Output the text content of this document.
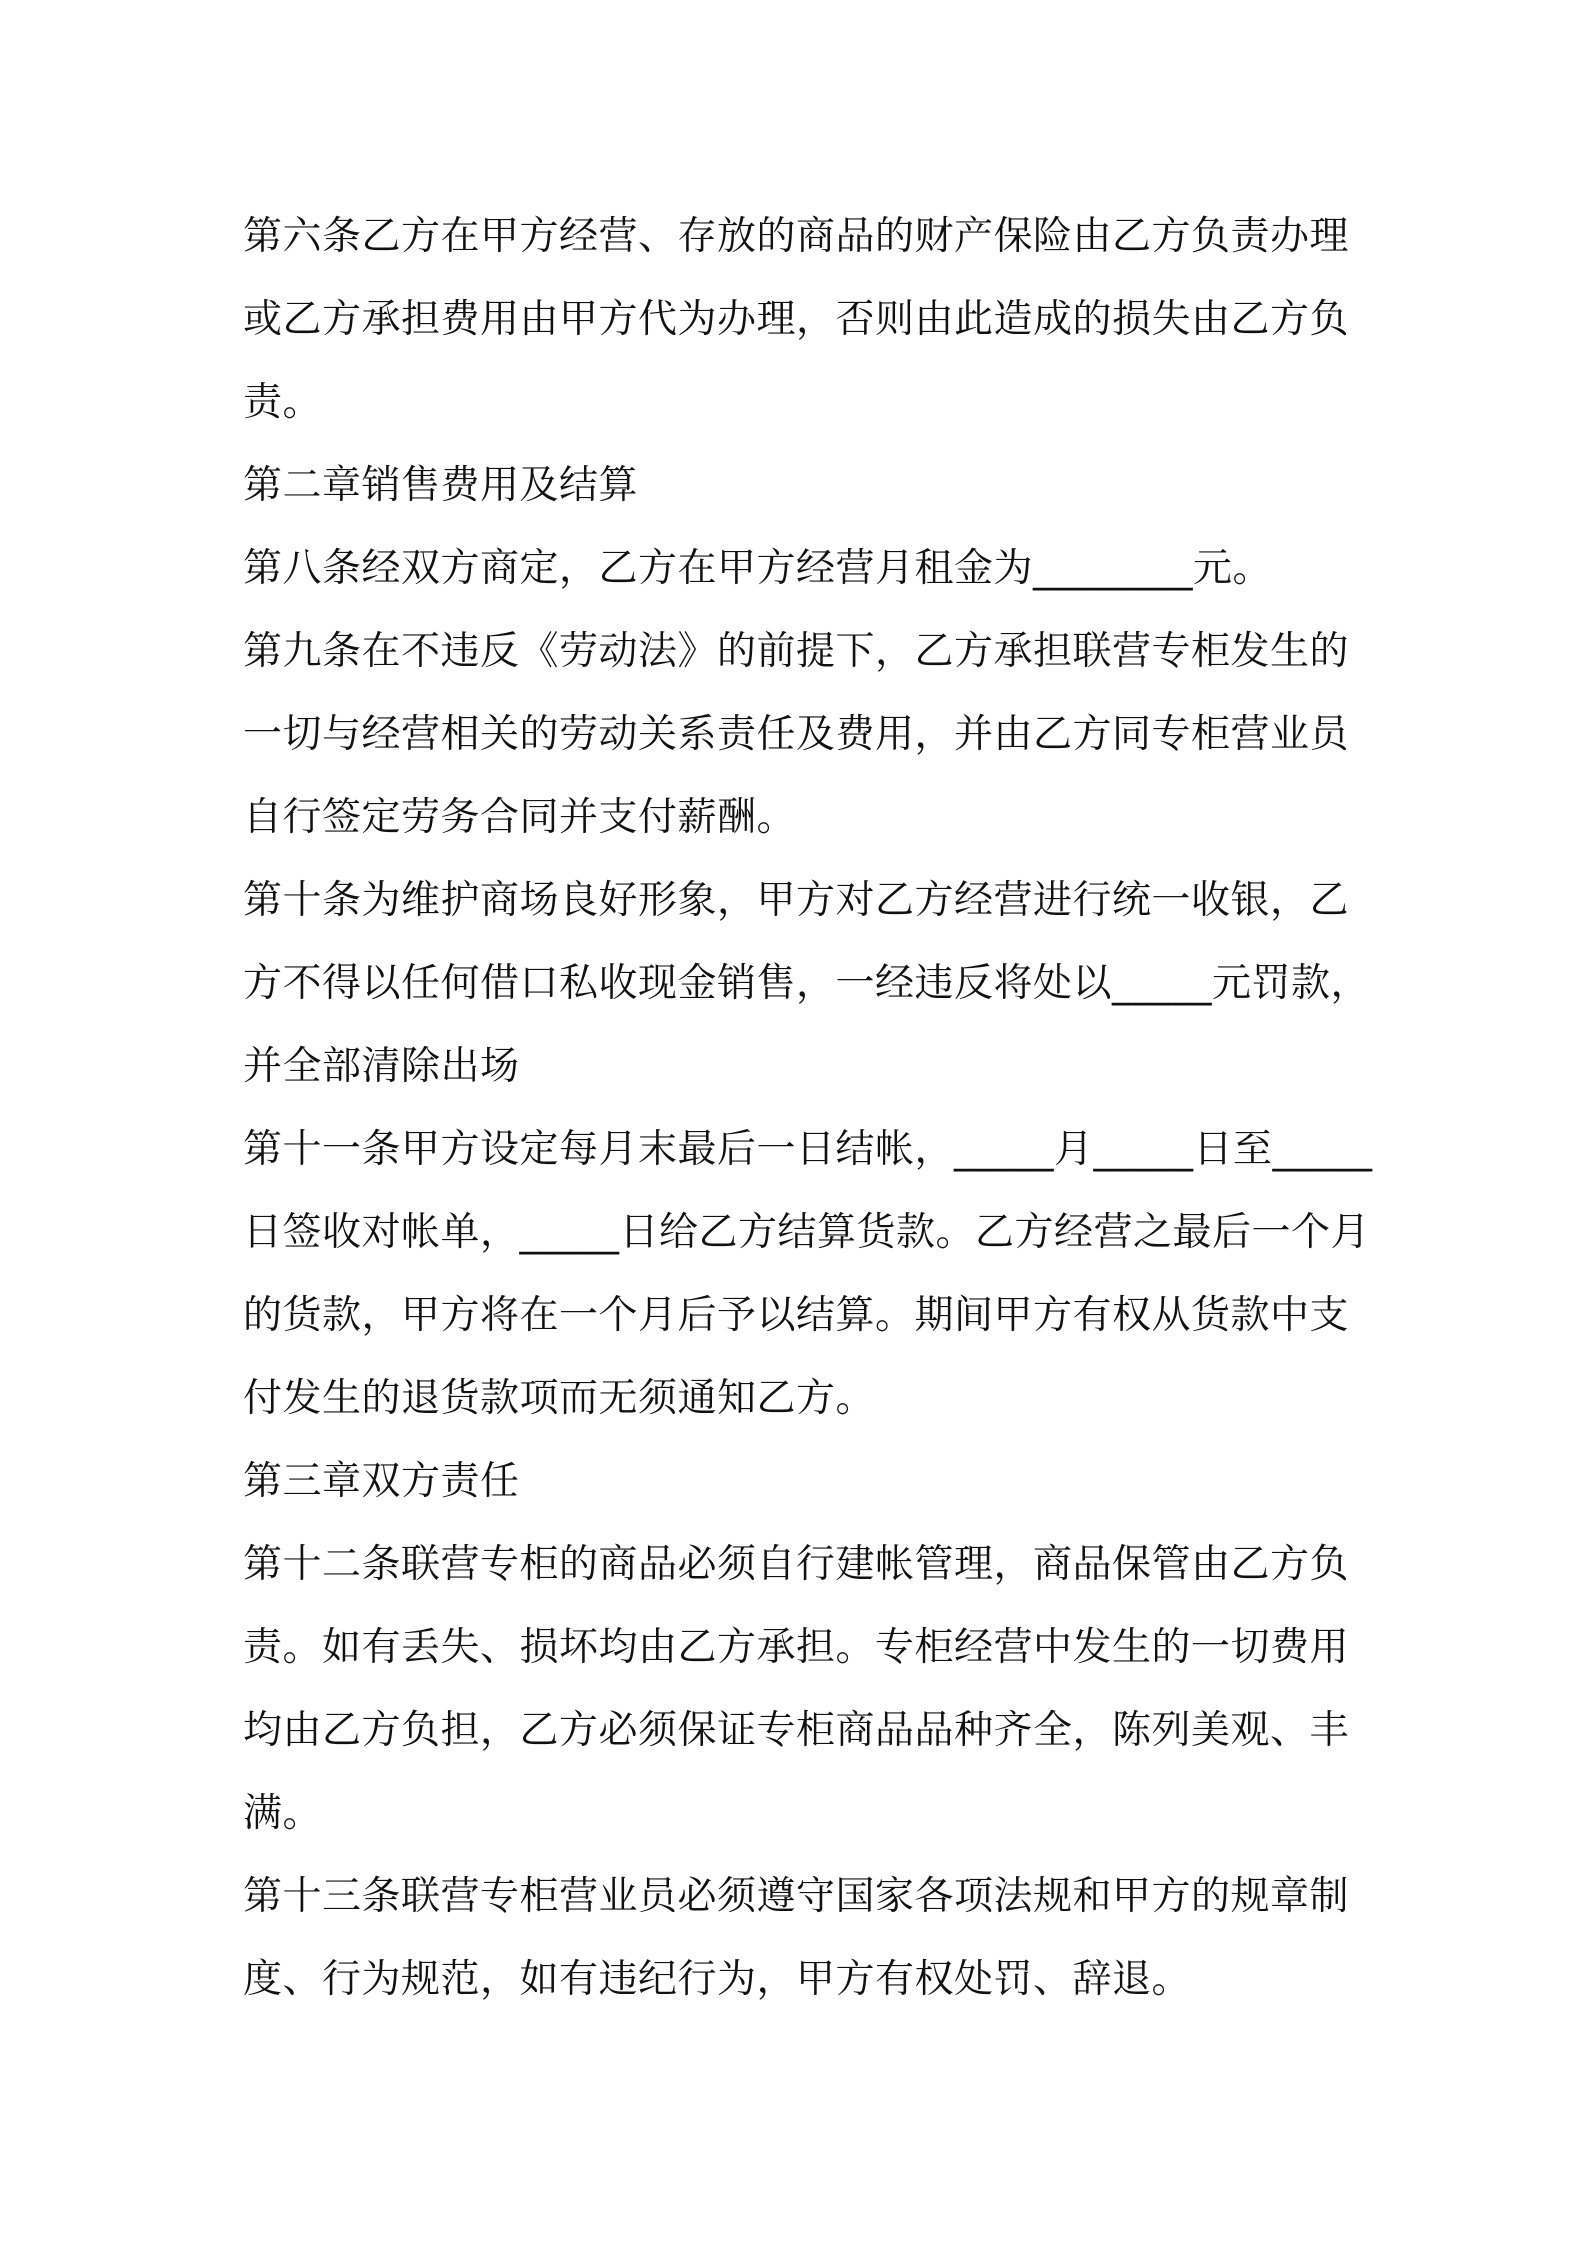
第六条乙方在甲方经营、存放的商品的财产保险由乙方负责办理或乙方承担费用由甲方代为办理，否则由此造成的损失由乙方负责。

第二章销售费用及结算

第八条经双方商定，乙方在甲方经营月租金为________元。

第九条在不违反《劳动法》的前提下，乙方承担联营专柜发生的一切与经营相关的劳动关系责任及费用，并由乙方同专柜营业员自行签定劳务合同并支付薪酬。

第十条为维护商场良好形象，甲方对乙方经营进行统一收银，乙方不得以任何借口私收现金销售，一经违反将处以_____元罚款，并全部清除出场

第十一条甲方设定每月末最后一日结帐，_____月_____日至_____日签收对帐单，_____日给乙方结算货款。乙方经营之最后一个月的货款，甲方将在一个月后予以结算。期间甲方有权从货款中支付发生的退货款项而无须通知乙方。

第三章双方责任

第十二条联营专柜的商品必须自行建帐管理，商品保管由乙方负责。如有丢失、损坏均由乙方承担。专柜经营中发生的一切费用均由乙方负担，乙方必须保证专柜商品品种齐全，陈列美观、丰满。

第十三条联营专柜营业员必须遵守国家各项法规和甲方的规章制度、行为规范，如有违纪行为，甲方有权处罚、辞退。
